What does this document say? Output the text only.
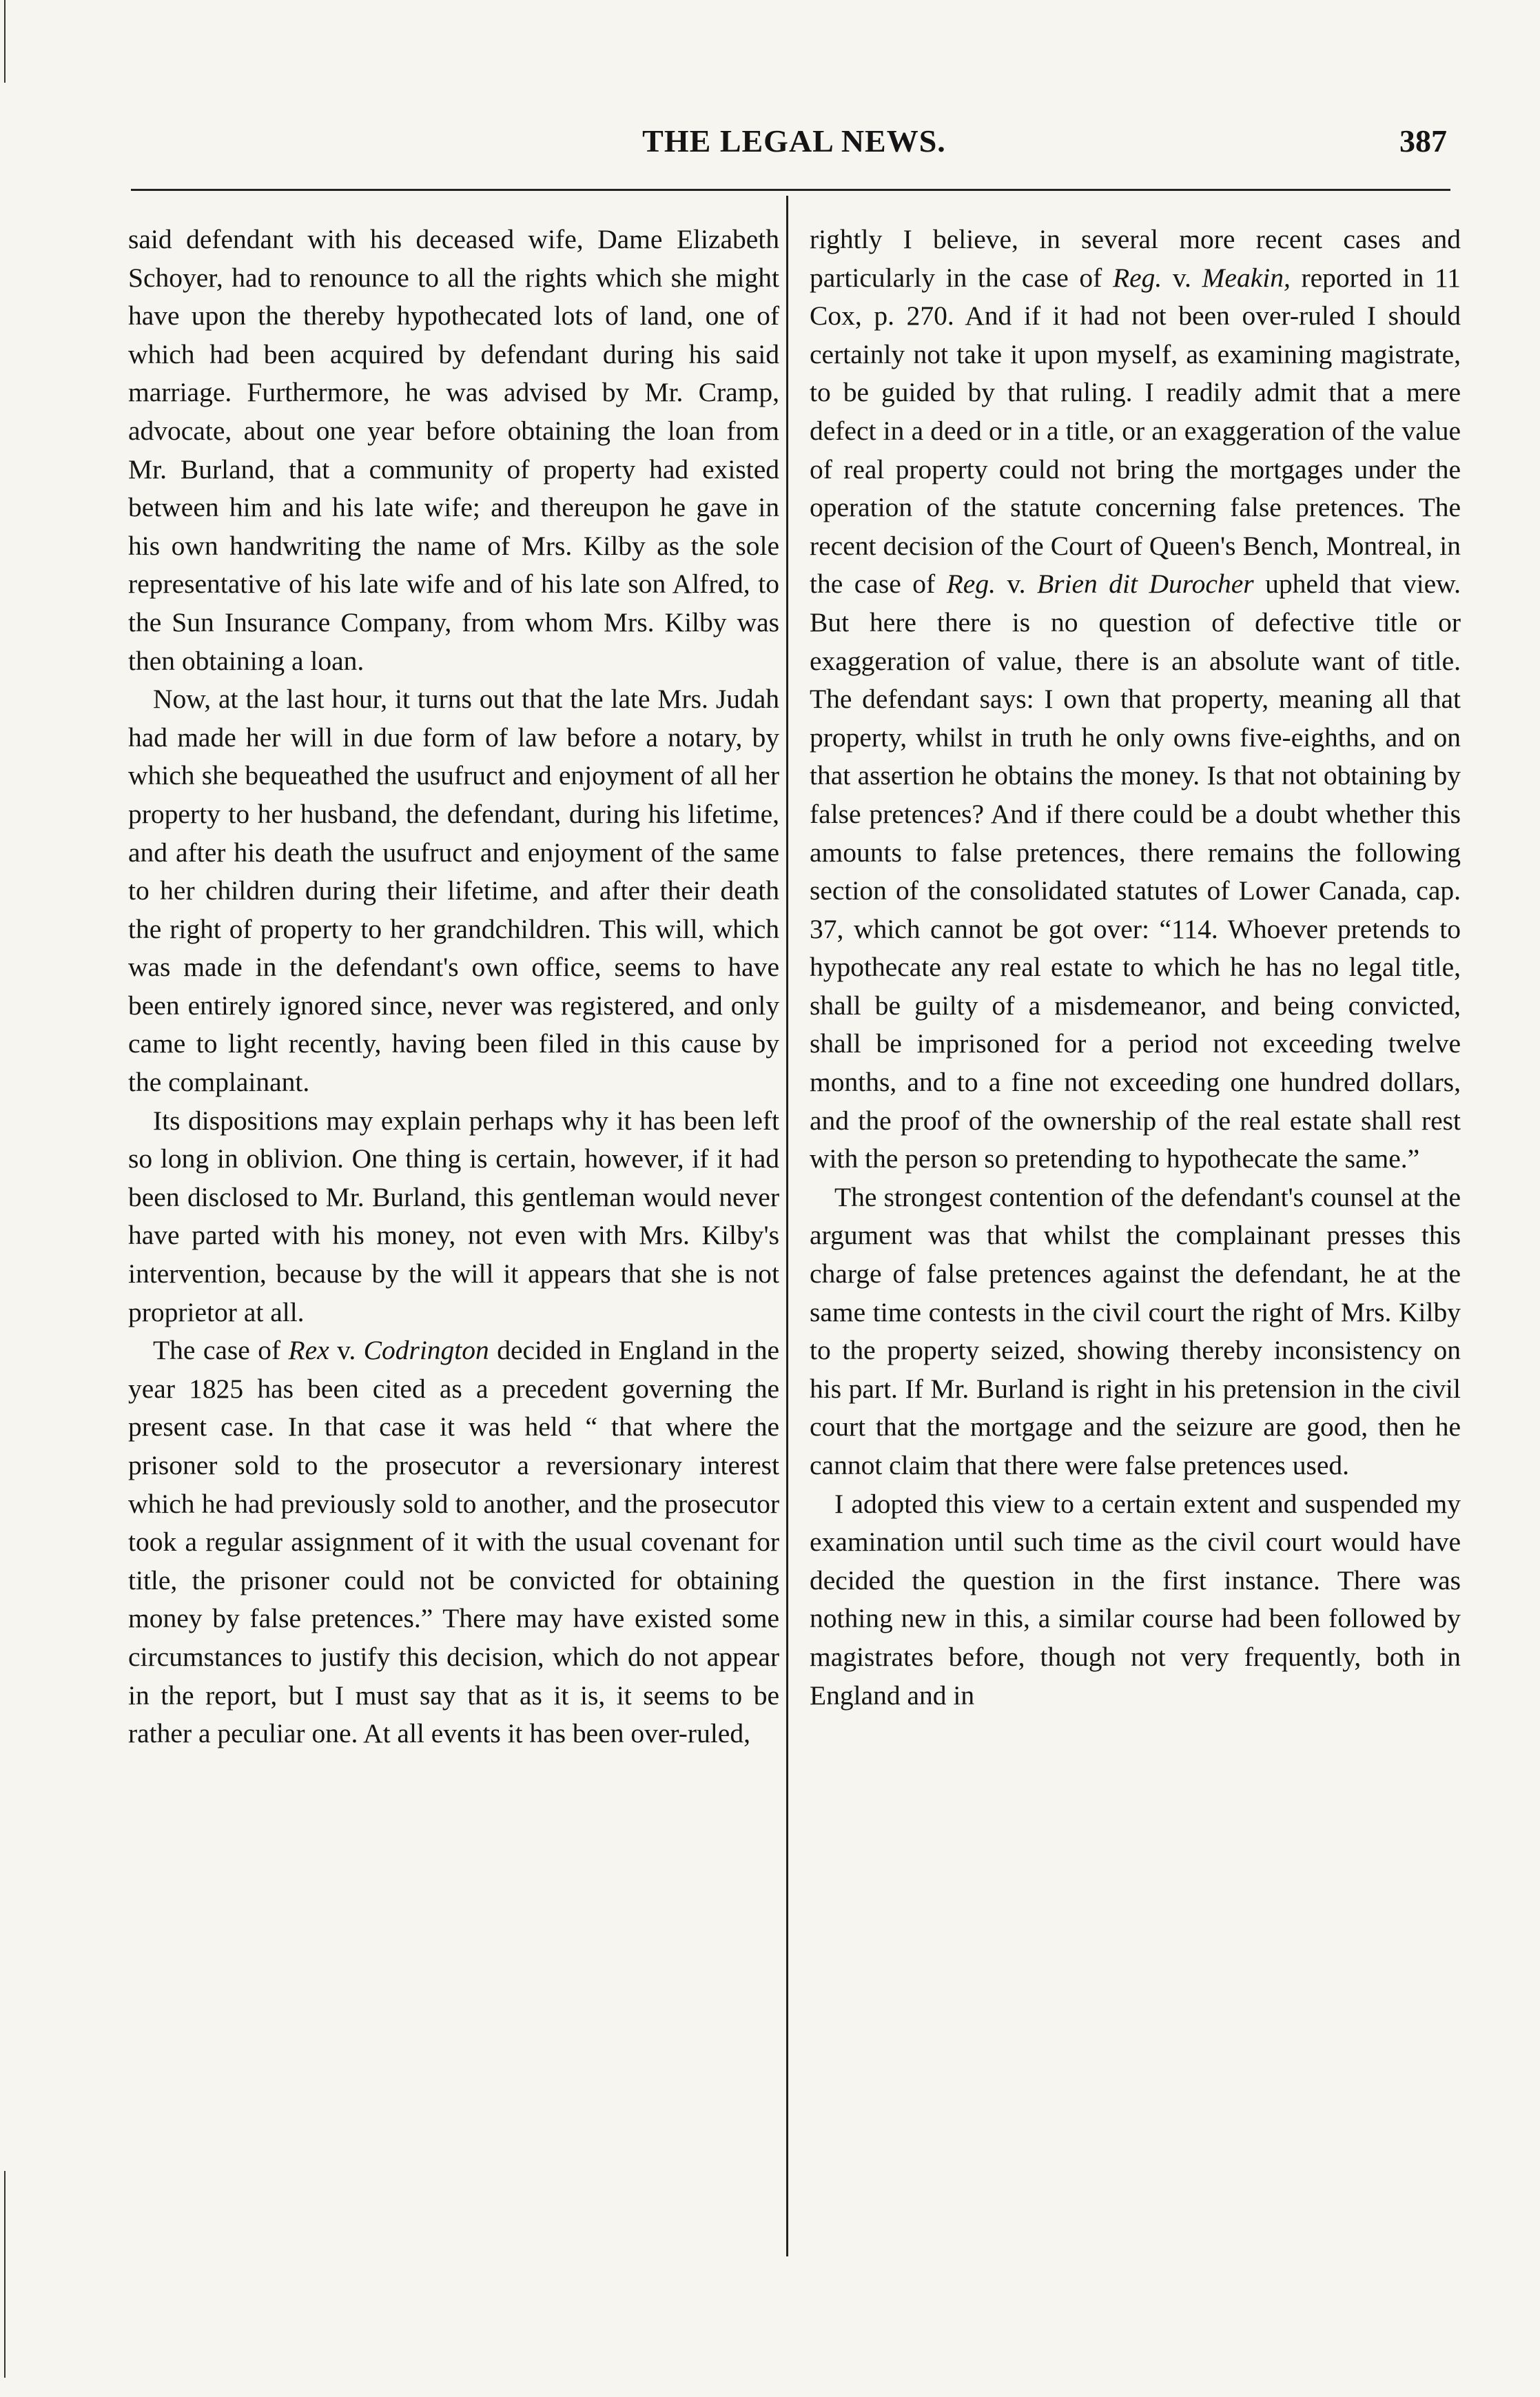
THE LEGAL NEWS.	387

said defendant with his deceased wife, Dame Elizabeth Schoyer, had to renounce to all the rights which she might have upon the thereby hypothecated lots of land, one of which had been acquired by defendant during his said marriage. Furthermore, he was advised by Mr. Cramp, advocate, about one year before obtaining the loan from Mr. Burland, that a community of property had existed between him and his late wife; and thereupon he gave in his own handwriting the name of Mrs. Kilby as the sole representative of his late wife and of his late son Alfred, to the Sun Insurance Company, from whom Mrs. Kilby was then obtaining a loan.

Now, at the last hour, it turns out that the late Mrs. Judah had made her will in due form of law before a notary, by which she bequeathed the usufruct and enjoyment of all her property to her husband, the defendant, during his lifetime, and after his death the usufruct and enjoyment of the same to her children during their lifetime, and after their death the right of property to her grandchildren. This will, which was made in the defendant's own office, seems to have been entirely ignored since, never was registered, and only came to light recently, having been filed in this cause by the complainant.

Its dispositions may explain perhaps why it has been left so long in oblivion. One thing is certain, however, if it had been disclosed to Mr. Burland, this gentleman would never have parted with his money, not even with Mrs. Kilby's intervention, because by the will it appears that she is not proprietor at all.

The case of Rex v. Codrington decided in England in the year 1825 has been cited as a precedent governing the present case. In that case it was held “ that where the prisoner sold to the prosecutor a reversionary interest which he had previously sold to another, and the prosecutor took a regular assignment of it with the usual covenant for title, the prisoner could not be convicted for obtaining money by false pretences.” There may have existed some circumstances to justify this decision, which do not appear in the report, but I must say that as it is, it seems to be rather a peculiar one. At all events it has been over-ruled,

rightly I believe, in several more recent cases and particularly in the case of Reg. v. Meakin, reported in 11 Cox, p. 270. And if it had not been over-ruled I should certainly not take it upon myself, as examining magistrate, to be guided by that ruling. I readily admit that a mere defect in a deed or in a title, or an exaggeration of the value of real property could not bring the mortgages under the operation of the statute concerning false pretences. The recent decision of the Court of Queen's Bench, Montreal, in the case of Reg. v. Brien dit Durocher upheld that view. But here there is no question of defective title or exaggeration of value, there is an absolute want of title. The defendant says: I own that property, meaning all that property, whilst in truth he only owns five-eighths, and on that assertion he obtains the money. Is that not obtaining by false pretences? And if there could be a doubt whether this amounts to false pretences, there remains the following section of the consolidated statutes of Lower Canada, cap. 37, which cannot be got over: “114. Whoever pretends to hypothecate any real estate to which he has no legal title, shall be guilty of a misdemeanor, and being convicted, shall be imprisoned for a period not exceeding twelve months, and to a fine not exceeding one hundred dollars, and the proof of the ownership of the real estate shall rest with the person so pretending to hypothecate the same.”

The strongest contention of the defendant's counsel at the argument was that whilst the complainant presses this charge of false pretences against the defendant, he at the same time contests in the civil court the right of Mrs. Kilby to the property seized, showing thereby inconsistency on his part. If Mr. Burland is right in his pretension in the civil court that the mortgage and the seizure are good, then he cannot claim that there were false pretences used.

I adopted this view to a certain extent and suspended my examination until such time as the civil court would have decided the question in the first instance. There was nothing new in this, a similar course had been followed by magistrates before, though not very frequently, both in England and in
